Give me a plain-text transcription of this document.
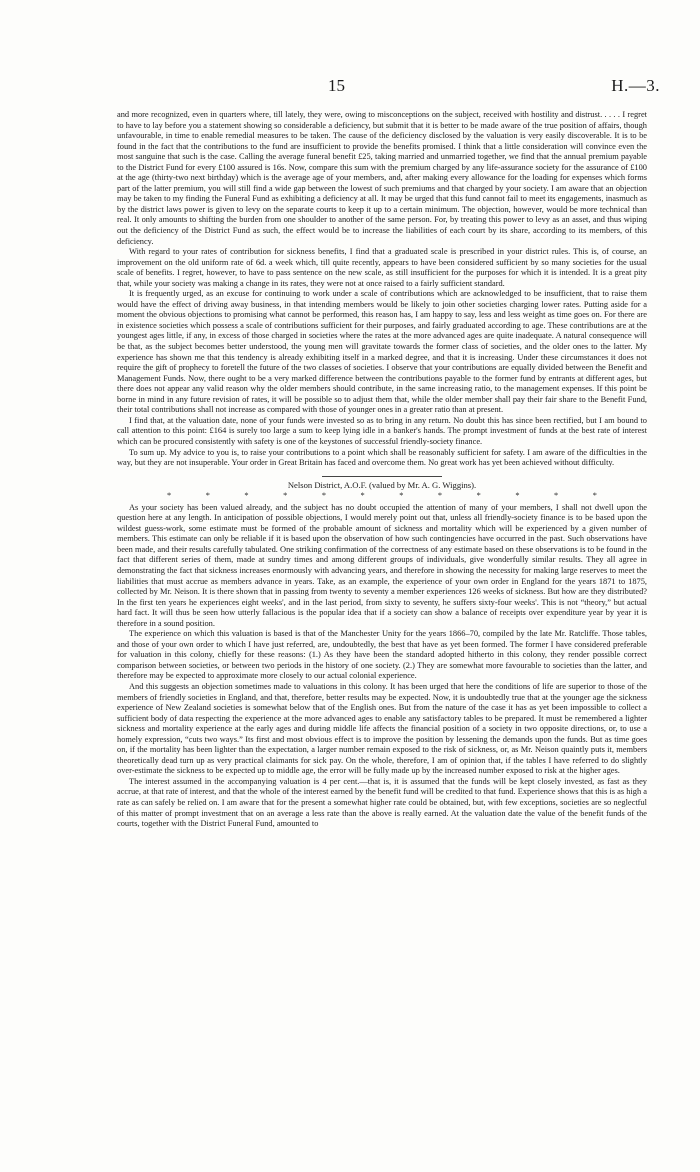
15	H.—3.

and more recognized, even in quarters where, till lately, they were, owing to misconceptions on the subject, received with hostility and distrust. . . . . I regret to have to lay before you a statement showing so considerable a deficiency, but submit that it is better to be made aware of the true position of affairs, though unfavourable, in time to enable remedial measures to be taken. The cause of the deficiency disclosed by the valuation is very easily discoverable. It is to be found in the fact that the contributions to the fund are insufficient to provide the benefits promised. I think that a little consideration will convince even the most sanguine that such is the case. Calling the average funeral benefit £25, taking married and unmarried together, we find that the annual premium payable to the District Fund for every £100 assured is 16s. Now, compare this sum with the premium charged by any life-assurance society for the assurance of £100 at the age (thirty-two next birthday) which is the average age of your members, and, after making every allowance for the loading for expenses which forms part of the latter premium, you will still find a wide gap between the lowest of such premiums and that charged by your society. I am aware that an objection may be taken to my finding the Funeral Fund as exhibiting a deficiency at all. It may be urged that this fund cannot fail to meet its engagements, inasmuch as by the district laws power is given to levy on the separate courts to keep it up to a certain minimum. The objection, however, would be more technical than real. It only amounts to shifting the burden from one shoulder to another of the same person. For, by treating this power to levy as an asset, and thus wiping out the deficiency of the District Fund as such, the effect would be to increase the liabilities of each court by its share, according to its members, of this deficiency.

With regard to your rates of contribution for sickness benefits, I find that a graduated scale is prescribed in your district rules. This is, of course, an improvement on the old uniform rate of 6d. a week which, till quite recently, appears to have been considered sufficient by so many societies for the usual scale of benefits. I regret, however, to have to pass sentence on the new scale, as still insufficient for the purposes for which it is intended. It is a great pity that, while your society was making a change in its rates, they were not at once raised to a fairly sufficient standard.

It is frequently urged, as an excuse for continuing to work under a scale of contributions which are acknowledged to be insufficient, that to raise them would have the effect of driving away business, in that intending members would be likely to join other societies charging lower rates. Putting aside for a moment the obvious objections to promising what cannot be performed, this reason has, I am happy to say, less and less weight as time goes on. For there are in existence societies which possess a scale of contributions sufficient for their purposes, and fairly graduated according to age. These contributions are at the youngest ages little, if any, in excess of those charged in societies where the rates at the more advanced ages are quite inadequate. A natural consequence will be that, as the subject becomes better understood, the young men will gravitate towards the former class of societies, and the older ones to the latter. My experience has shown me that this tendency is already exhibiting itself in a marked degree, and that it is increasing. Under these circumstances it does not require the gift of prophecy to foretell the future of the two classes of societies. I observe that your contributions are equally divided between the Benefit and Management Funds. Now, there ought to be a very marked difference between the contributions payable to the former fund by entrants at different ages, but there does not appear any valid reason why the older members should contribute, in the same increasing ratio, to the management expenses. If this point be borne in mind in any future revision of rates, it will be possible so to adjust them that, while the older member shall pay their fair share to the Benefit Fund, their total contributions shall not increase as compared with those of younger ones in a greater ratio than at present.

I find that, at the valuation date, none of your funds were invested so as to bring in any return. No doubt this has since been rectified, but I am bound to call attention to this point: £164 is surely too large a sum to keep lying idle in a banker's hands. The prompt investment of funds at the best rate of interest which can be procured consistently with safety is one of the keystones of successful friendly-society finance.

To sum up. My advice to you is, to raise your contributions to a point which shall be reasonably sufficient for safety. I am aware of the difficulties in the way, but they are not insuperable. Your order in Great Britain has faced and overcome them. No great work has yet been achieved without difficulty.

Nelson District, A.O.F. (valued by Mr. A. G. Wiggins).
*	*	*	*	*	*	*	*	*	*	*	*

As your society has been valued already, and the subject has no doubt occupied the attention of many of your members, I shall not dwell upon the question here at any length. In anticipation of possible objections, I would merely point out that, unless all friendly-society finance is to be based upon the wildest guess-work, some estimate must be formed of the probable amount of sickness and mortality which will be experienced by a given number of members. This estimate can only be reliable if it is based upon the observation of how such contingencies have occurred in the past. Such observations have been made, and their results carefully tabulated. One striking confirmation of the correctness of any estimate based on these observations is to be found in the fact that different series of them, made at sundry times and among different groups of individuals, give wonderfully similar results. They all agree in demonstrating the fact that sickness increases enormously with advancing years, and therefore in showing the necessity for making large reserves to meet the liabilities that must accrue as members advance in years. Take, as an example, the experience of your own order in England for the years 1871 to 1875, collected by Mr. Neison. It is there shown that in passing from twenty to seventy a member experiences 126 weeks of sickness. But how are they distributed? In the first ten years he experiences eight weeks', and in the last period, from sixty to seventy, he suffers sixty-four weeks'. This is not “theory,” but actual hard fact. It will thus be seen how utterly fallacious is the popular idea that if a society can show a balance of receipts over expenditure year by year it is therefore in a sound position.

The experience on which this valuation is based is that of the Manchester Unity for the years 1866–70, compiled by the late Mr. Ratcliffe. Those tables, and those of your own order to which I have just referred, are, undoubtedly, the best that have as yet been formed. The former I have considered preferable for valuation in this colony, chiefly for these reasons: (1.) As they have been the standard adopted hitherto in this colony, they render possible correct comparison between societies, or between two periods in the history of one society. (2.) They are somewhat more favourable to societies than the latter, and therefore may be expected to approximate more closely to our actual colonial experience.

And this suggests an objection sometimes made to valuations in this colony. It has been urged that here the conditions of life are superior to those of the members of friendly societies in England, and that, therefore, better results may be expected. Now, it is undoubtedly true that at the younger age the sickness experience of New Zealand societies is somewhat below that of the English ones. But from the nature of the case it has as yet been impossible to collect a sufficient body of data respecting the experience at the more advanced ages to enable any satisfactory tables to be prepared. It must be remembered a lighter sickness and mortality experience at the early ages and during middle life affects the financial position of a society in two opposite directions, or, to use a homely expression, “cuts two ways.” Its first and most obvious effect is to improve the position by lessening the demands upon the funds. But as time goes on, if the mortality has been lighter than the expectation, a larger number remain exposed to the risk of sickness, or, as Mr. Neison quaintly puts it, members theoretically dead turn up as very practical claimants for sick pay. On the whole, therefore, I am of opinion that, if the tables I have referred to do slightly over-estimate the sickness to be expected up to middle age, the error will be fully made up by the increased number exposed to risk at the higher ages.

The interest assumed in the accompanying valuation is 4 per cent.—that is, it is assumed that the funds will be kept closely invested, as fast as they accrue, at that rate of interest, and that the whole of the interest earned by the benefit fund will be credited to that fund. Experience shows that this is as high a rate as can safely be relied on. I am aware that for the present a somewhat higher rate could be obtained, but, with few exceptions, societies are so neglectful of this matter of prompt investment that on an average a less rate than the above is really earned. At the valuation date the value of the benefit funds of the courts, together with the District Funeral Fund, amounted to
